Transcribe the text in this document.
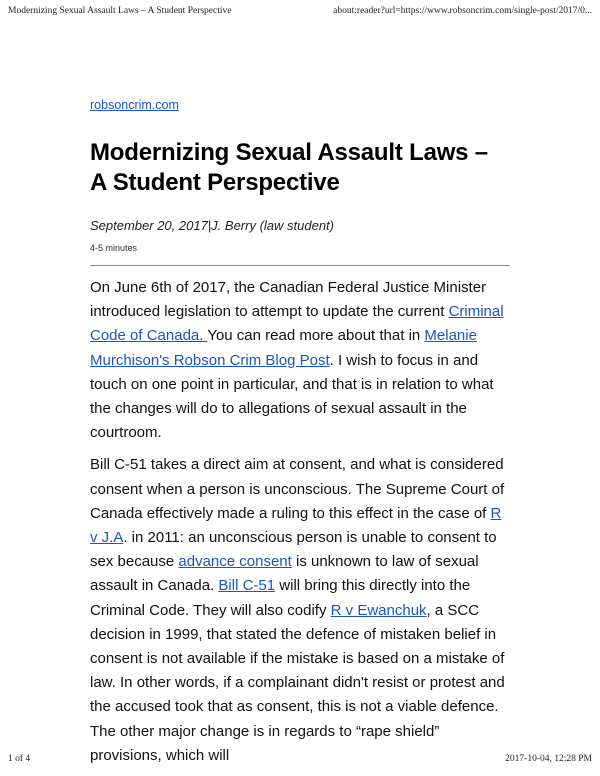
Modernizing Sexual Assault Laws – A Student Perspective	about:reader?url=https://www.robsoncrim.com/single-post/2017/0...
robsoncrim.com
Modernizing Sexual Assault Laws –
A Student Perspective
September 20, 2017|J. Berry (law student)
4-5 minutes

On June 6th of 2017, the Canadian Federal Justice Minister introduced legislation to attempt to update the current Criminal Code of Canada. You can read more about that in Melanie Murchison's Robson Crim Blog Post. I wish to focus in and touch on one point in particular, and that is in relation to what the changes will do to allegations of sexual assault in the courtroom.

Bill C-51 takes a direct aim at consent, and what is considered consent when a person is unconscious. The Supreme Court of Canada effectively made a ruling to this effect in the case of R v J.A. in 2011: an unconscious person is unable to consent to sex because advance consent is unknown to law of sexual assault in Canada. Bill C-51 will bring this directly into the Criminal Code. They will also codify R v Ewanchuk, a SCC decision in 1999, that stated the defence of mistaken belief in consent is not available if the mistake is based on a mistake of law. In other words, if a complainant didn't resist or protest and the accused took that as consent, this is not a viable defence. The other major change is in regards to “rape shield” provisions, which will

1 of 4	2017-10-04, 12:28 PM
